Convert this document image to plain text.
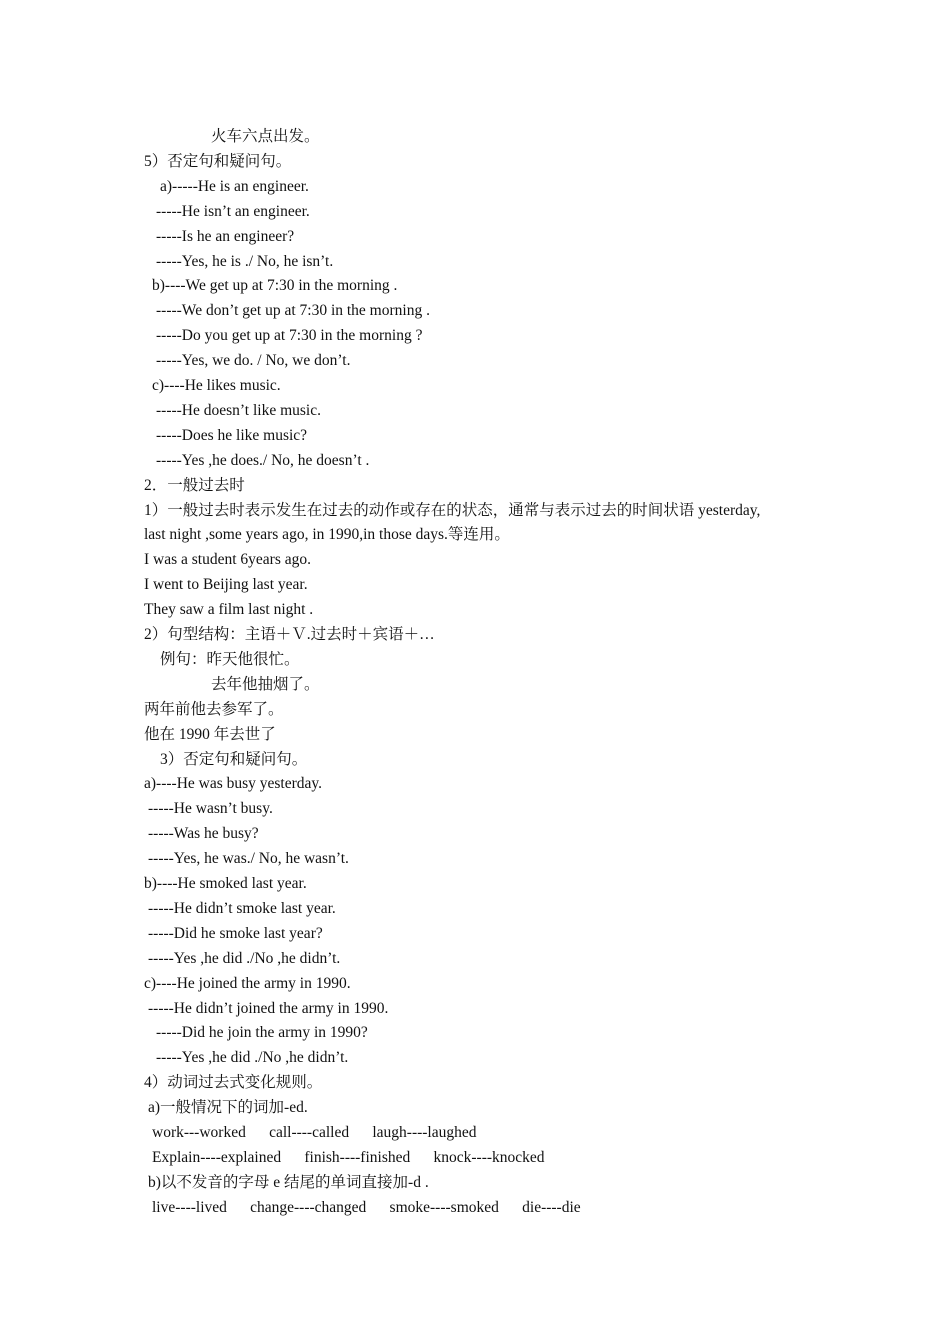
火车六点出发。
5）否定句和疑问句。
a)-----He is an engineer.
-----He isn’t an engineer.
-----Is he an engineer?
-----Yes, he is ./ No, he isn’t.
b)----We get up at 7:30 in the morning .
-----We don’t get up at 7:30 in the morning .
-----Do you get up at 7:30 in the morning ?
-----Yes, we do. / No, we don’t.
c)----He likes music.
-----He doesn’t like music.
-----Does he like music?
-----Yes ,he does./ No, he doesn’t .
2．一般过去时
1）一般过去时表示发生在过去的动作或存在的状态，通常与表示过去的时间状语 yesterday,
last night ,some years ago, in 1990,in those days.等连用。
I was a student 6years ago.
I went to Beijing last year.
They saw a film last night .
2）句型结构：主语＋Ｖ.过去时＋宾语＋…
例句：昨天他很忙。
去年他抽烟了。
两年前他去参军了。
他在 1990 年去世了
3）否定句和疑问句。
a)----He was busy yesterday.
-----He wasn’t busy.
-----Was he busy?
-----Yes, he was./ No, he wasn’t.
b)----He smoked last year.
-----He didn’t smoke last year.
-----Did he smoke last year?
-----Yes ,he did ./No ,he didn’t.
c)----He joined the army in 1990.
-----He didn’t joined the army in 1990.
-----Did he join the army in 1990?
-----Yes ,he did ./No ,he didn’t.
4）动词过去式变化规则。
a)一般情况下的词加-ed.
work---worked      call----called      laugh----laughed
Explain----explained      finish----finished      knock----knocked
b)以不发音的字母 e 结尾的单词直接加-d .
live----lived      change----changed      smoke----smoked      die----die
